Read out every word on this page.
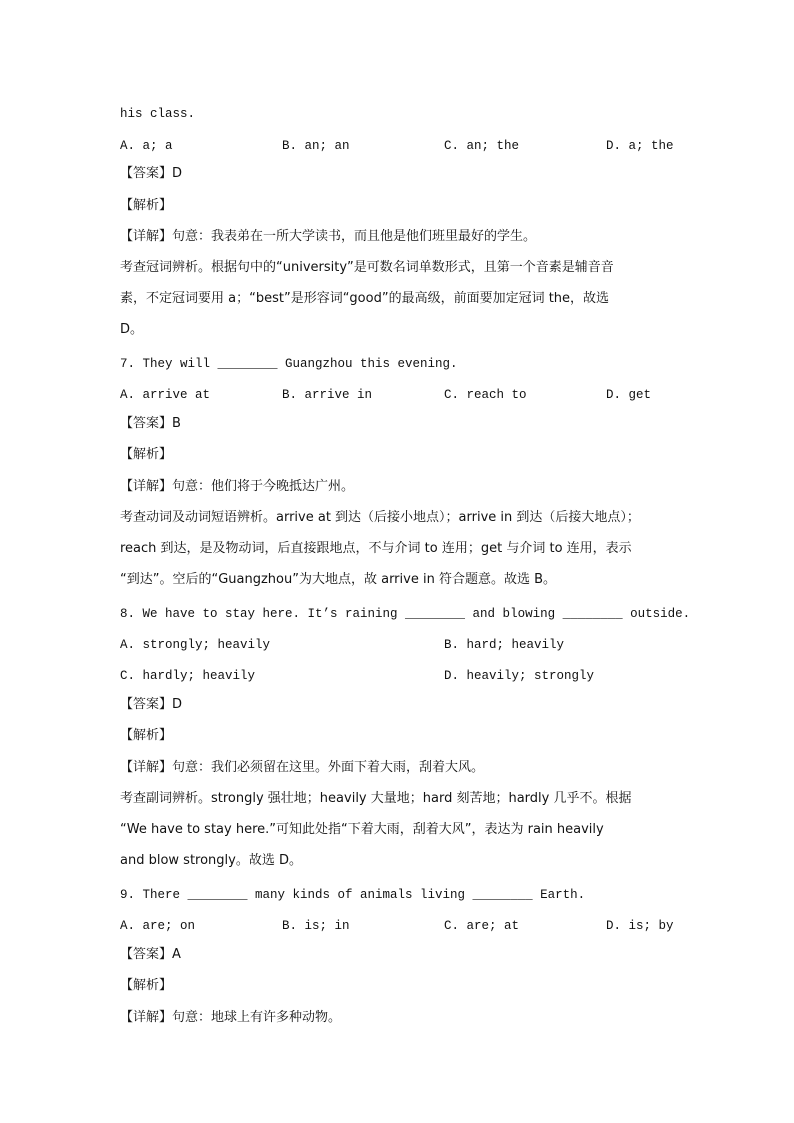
his class.
A. a; a	B. an; an	C. an; the	D. a; the
【答案】D
【解析】
【详解】句意：我表弟在一所大学读书，而且他是他们班里最好的学生。
考查冠词辨析。根据句中的“university”是可数名词单数形式，且第一个音素是辅音音
素，不定冠词要用 a；“best”是形容词“good”的最高级，前面要加定冠词 the，故选
D。
7. They will ________ Guangzhou this evening.
A. arrive at	B. arrive in	C. reach to	D. get
【答案】B
【解析】
【详解】句意：他们将于今晚抵达广州。
考查动词及动词短语辨析。arrive at 到达（后接小地点）；arrive in 到达（后接大地点）；
reach 到达，是及物动词，后直接跟地点，不与介词 to 连用；get 与介词 to 连用，表示
“到达”。空后的“Guangzhou”为大地点，故 arrive in 符合题意。故选 B。
8. We have to stay here. It’s raining ________ and blowing ________ outside.
A. strongly; heavily	B. hard; heavily
C. hardly; heavily	D. heavily; strongly
【答案】D
【解析】
【详解】句意：我们必须留在这里。外面下着大雨，刮着大风。
考查副词辨析。strongly 强壮地；heavily 大量地；hard 刻苦地；hardly 几乎不。根据
“We have to stay here.”可知此处指“下着大雨，刮着大风”，表达为 rain heavily
and blow strongly。故选 D。
9. There ________ many kinds of animals living ________ Earth.
A. are; on	B. is; in	C. are; at	D. is; by
【答案】A
【解析】
【详解】句意：地球上有许多种动物。
